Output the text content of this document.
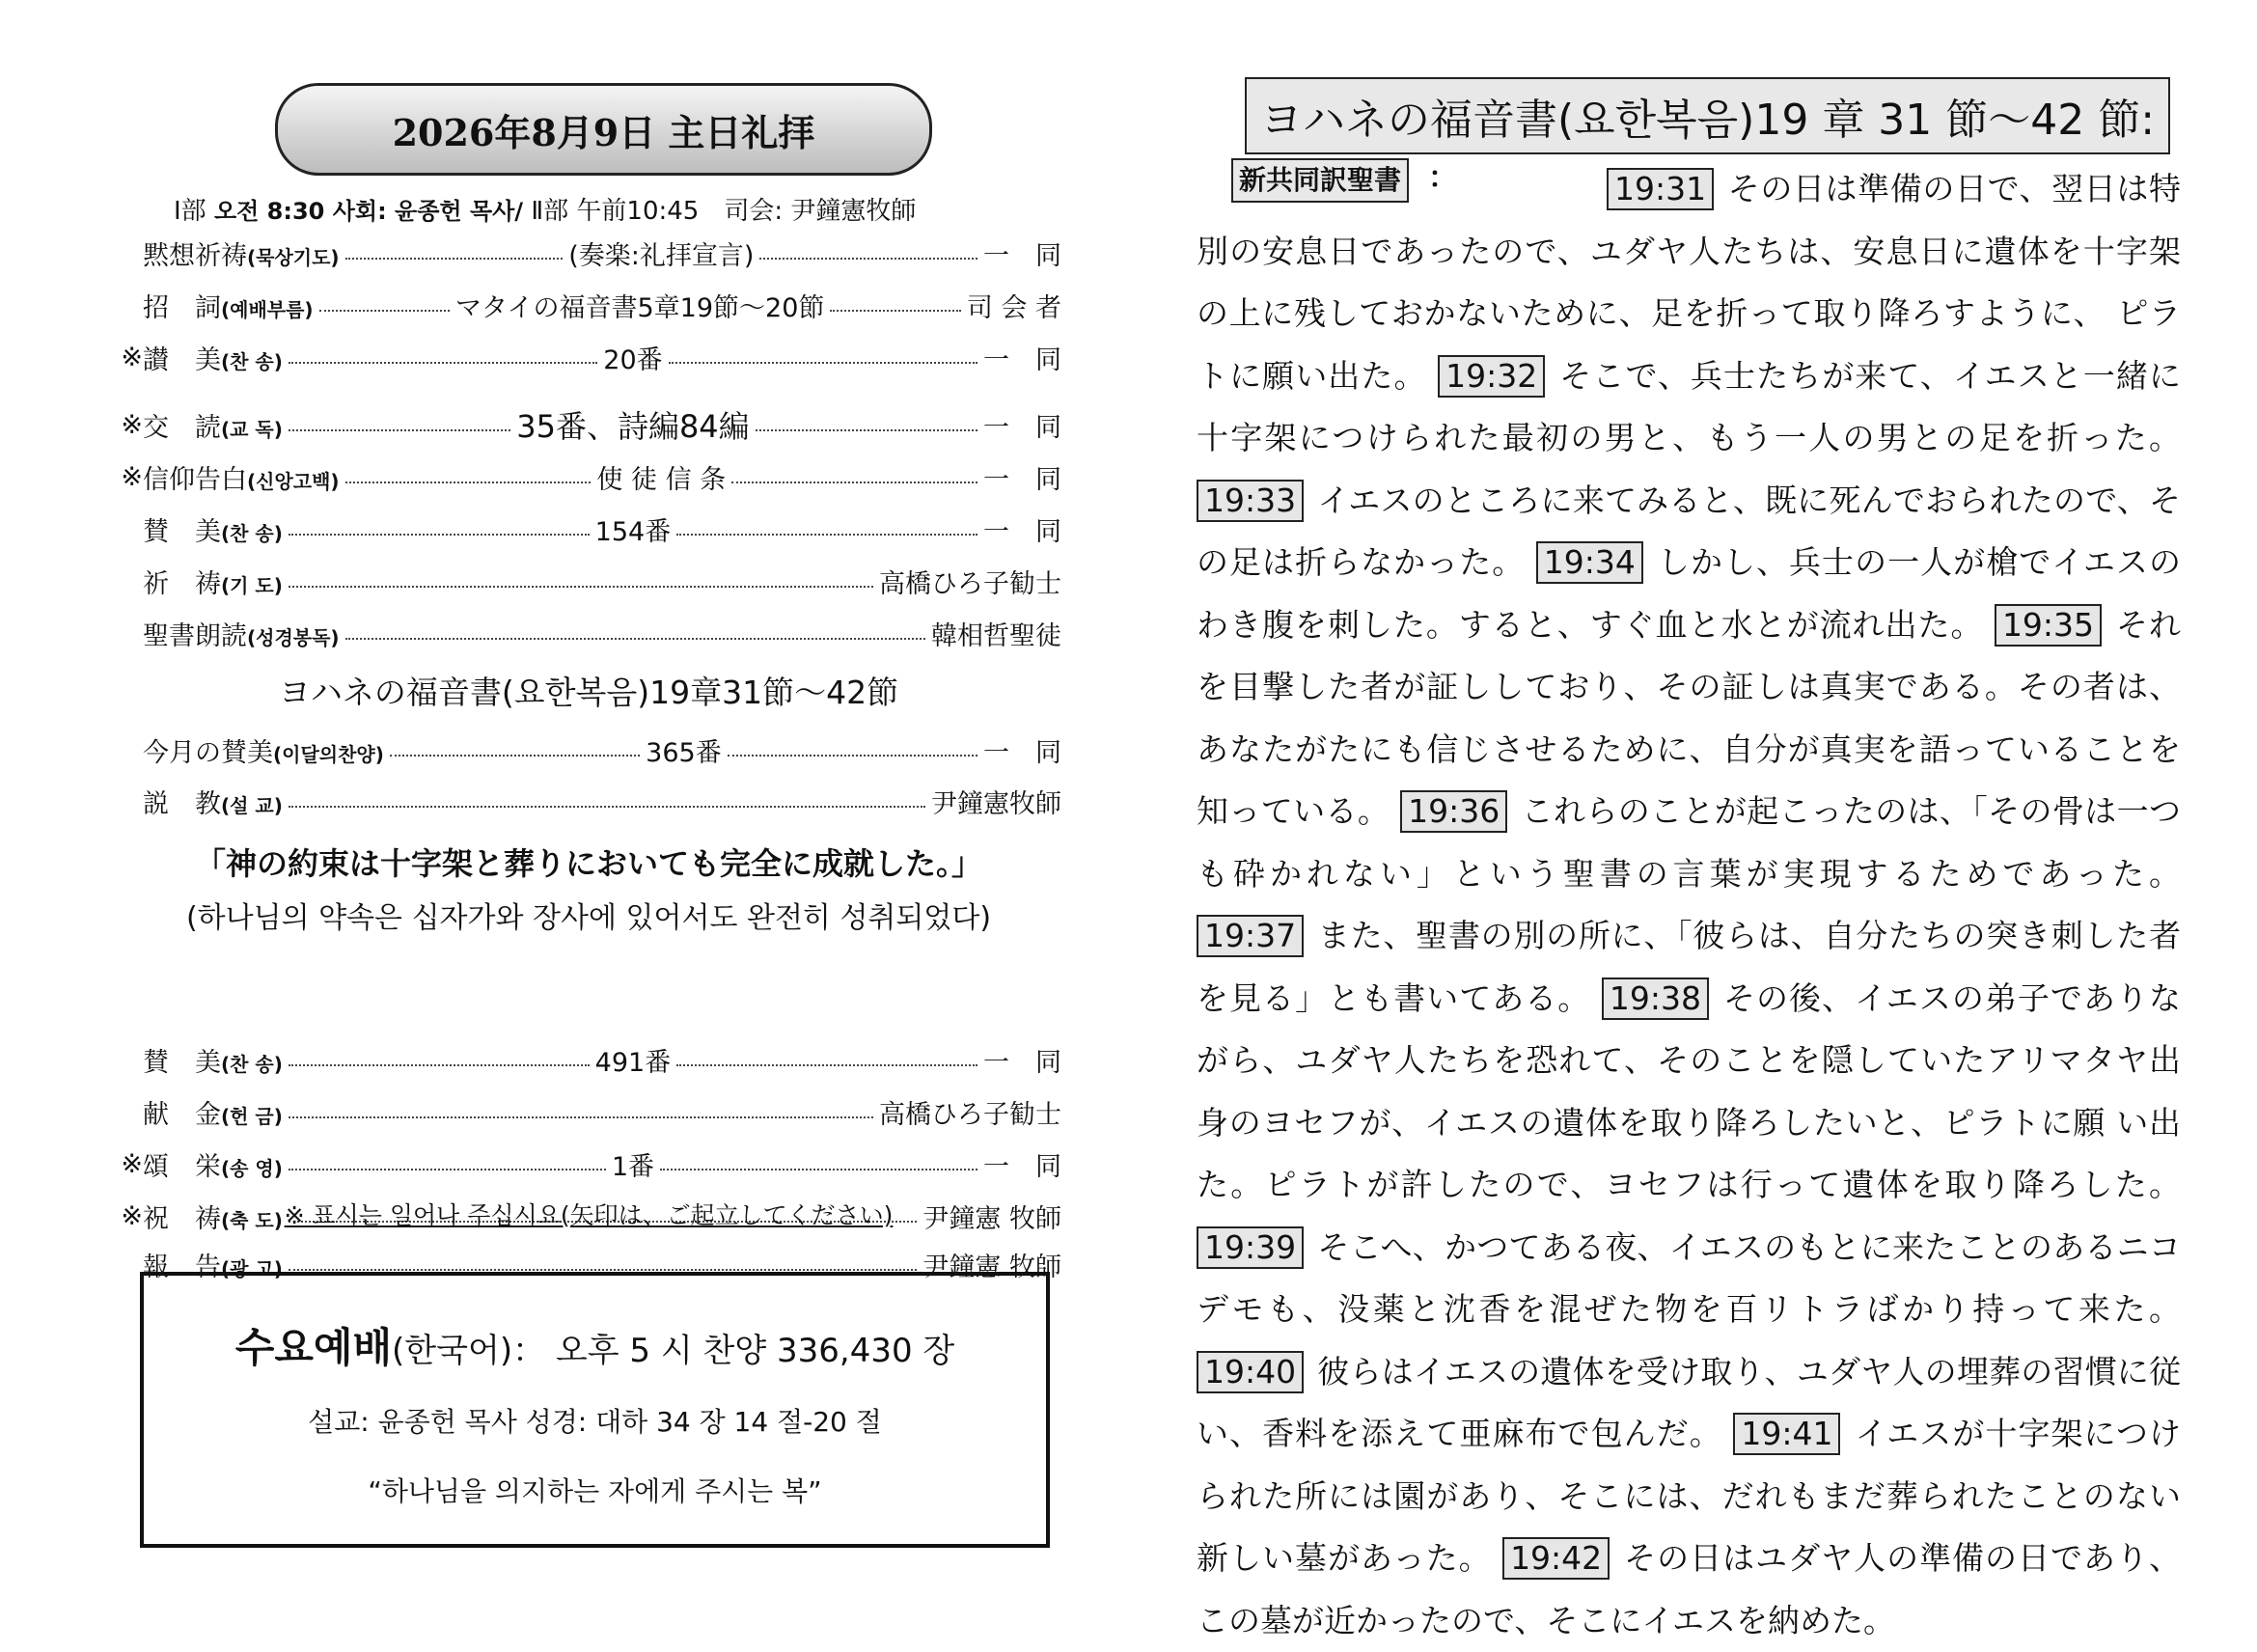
2026年8月9日 主日礼拝
Ⅰ部 오전 8:30 사회: 윤종헌 목사/ Ⅱ部 午前10:45　司会: 尹鐘憲牧師
黙想祈祷(묵상기도)	(奏楽:礼拝宣言)	一　同
招　詞(예배부름)	マタイの福音書5章19節～20節	司 会 者
※ 讃　美(찬 송)	20番	一　同
※ 交　読(교 독)	35番、詩編84編	一　同
※ 信仰告白(신앙고백)	使 徒 信 条	一　同
賛　美(찬 송)	154番	一　同
祈　祷(기 도)	高橋ひろ子勧士
聖書朗読(성경봉독)	韓相哲聖徒
今月の賛美(이달의찬양)	365番	一　同
説　教(설 교)	尹鐘憲牧師
賛　美(찬 송)	491番	一　同
献　金(헌 금)	高橋ひろ子勧士
※ 頌　栄(송 영)	1番	一　同
※ 祝　祷(축 도)	尹鐘憲 牧師
報　告(광 고)	尹鐘憲 牧師
ヨハネの福音書(요한복음)19章31節～42節
「神の約束は十字架と葬りにおいても完全に成就した。」
(하나님의 약속은 십자가와 장사에 있어서도 완전히 성취되었다)
※ 표시는 일어나 주십시요(矢印は、ご起立してください)
수요예배(한국어)： 오후 5 시 찬양 336,430 장
설교: 윤종헌 목사 성경: 대하 34 장 14 절-20 절
“하나님을 의지하는 자에게 주시는 복”
ヨハネの福音書(요한복음)19 章 31 節～42 節:
19:31 その日は準備の日で、翌日は特別の安息日であったので、ユダヤ人たちは、安息日に遺体を十字架の上に残しておかないために、足を折って取り降ろすように、 ピラトに願い出た。 19:32 そこで、兵士たちが来て、イエスと一緒に十字架につけられた最初の男と、もう一人の男との足を折った。 19:33 イエスのところに来てみると、既に死んでおられたので、その足は折らなかった。 19:34 しかし、兵士の一人が槍でイエスのわき腹を刺した。すると、すぐ血と水とが流れ出た。 19:35 それを目撃した者が証ししており、その証しは真実である。その者は、あなたがたにも信じさせるために、自分が真実を語っていることを知っている。 19:36 これらのことが起こったのは、「その骨は一つも砕かれない」という聖書の言葉が実現するためであった。 19:37 また、聖書の別の所に、「彼らは、自分たちの突き刺した者を見る」とも書いてある。 19:38 その後、イエスの弟子でありながら、ユダヤ人たちを恐れて、そのことを隠していたアリマタヤ出身のヨセフが、イエスの遺体を取り降ろしたいと、ピラトに願 い出た。ピラトが許したので、ヨセフは行って遺体を取り降ろした。 19:39 そこへ、かつてある夜、イエスのもとに来たことのあるニコデモも、没薬と沈香を混ぜた物を百リトラばかり持って来た。 19:40 彼らはイエスの遺体を受け取り、ユダヤ人の埋葬の習慣に従い、香料を添えて亜麻布で包んだ。 19:41 イエスが十字架につけられた所には園があり、そこには、だれもまだ葬られたことのない新しい墓があった。 19:42 その日はユダヤ人の準備の日であり、この墓が近かったので、そこにイエスを納めた。
新共同訳聖書 ：
